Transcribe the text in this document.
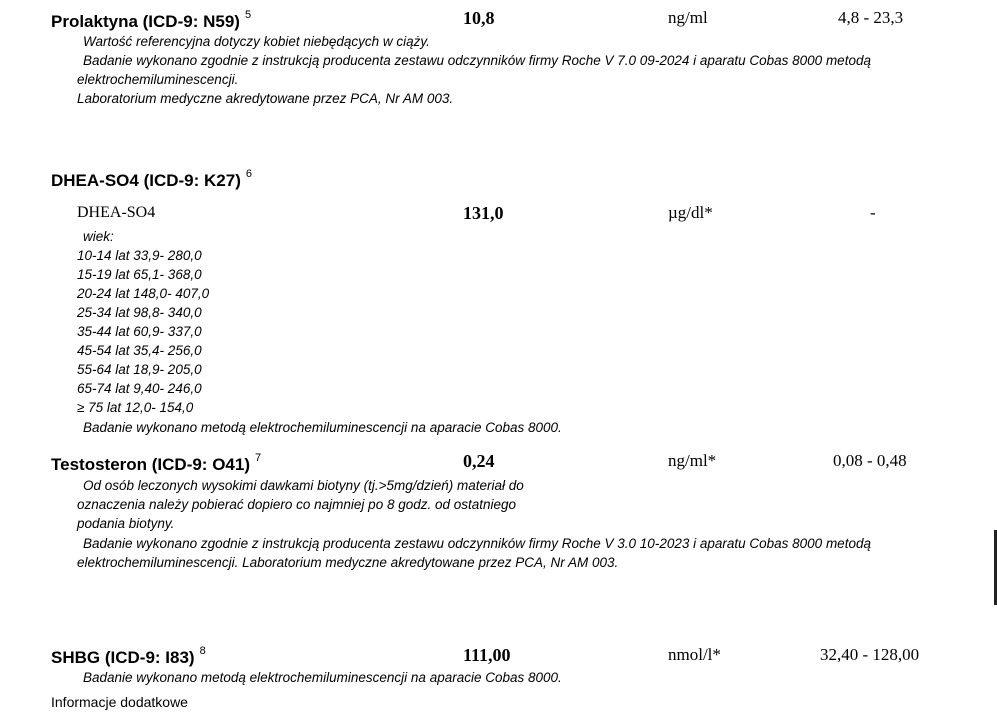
Prolaktyna (ICD-9: N59) $^5$	10,8	ng/ml	4,8 - 23,3
Wartość referencyjna dotyczy kobiet niebędących w ciąży.
Badanie wykonano zgodnie z instrukcją producenta zestawu odczynników firmy Roche V 7.0 09-2024 i aparatu Cobas 8000 metodą
elektrochemiluminescencji.
Laboratorium medyczne akredytowane przez PCA, Nr AM 003.
DHEA-SO4 (ICD-9: K27) $^6$
DHEA-SO4	131,0	µg/dl*	-
wiek:
10-14 lat 33,9- 280,0
15-19 lat 65,1- 368,0
20-24 lat 148,0- 407,0
25-34 lat 98,8- 340,0
35-44 lat 60,9- 337,0
45-54 lat 35,4- 256,0
55-64 lat 18,9- 205,0
65-74 lat 9,40- 246,0
≥ 75 lat 12,0- 154,0
Badanie wykonano metodą elektrochemiluminescencji na aparacie Cobas 8000.
Testosteron (ICD-9: O41) $^7$	0,24	ng/ml*	0,08 - 0,48
Od osób leczonych wysokimi dawkami biotyny (tj.>5mg/dzień) materiał do
oznaczenia należy pobierać dopiero co najmniej po 8 godz. od ostatniego
podania biotyny.
Badanie wykonano zgodnie z instrukcją producenta zestawu odczynników firmy Roche V 3.0 10-2023 i aparatu Cobas 8000 metodą
elektrochemiluminescencji. Laboratorium medyczne akredytowane przez PCA, Nr AM 003.
SHBG (ICD-9: I83) $^8$	111,00	nmol/l*	32,40 - 128,00
Badanie wykonano metodą elektrochemiluminescencji na aparacie Cobas 8000.
Informacje dodatkowe
